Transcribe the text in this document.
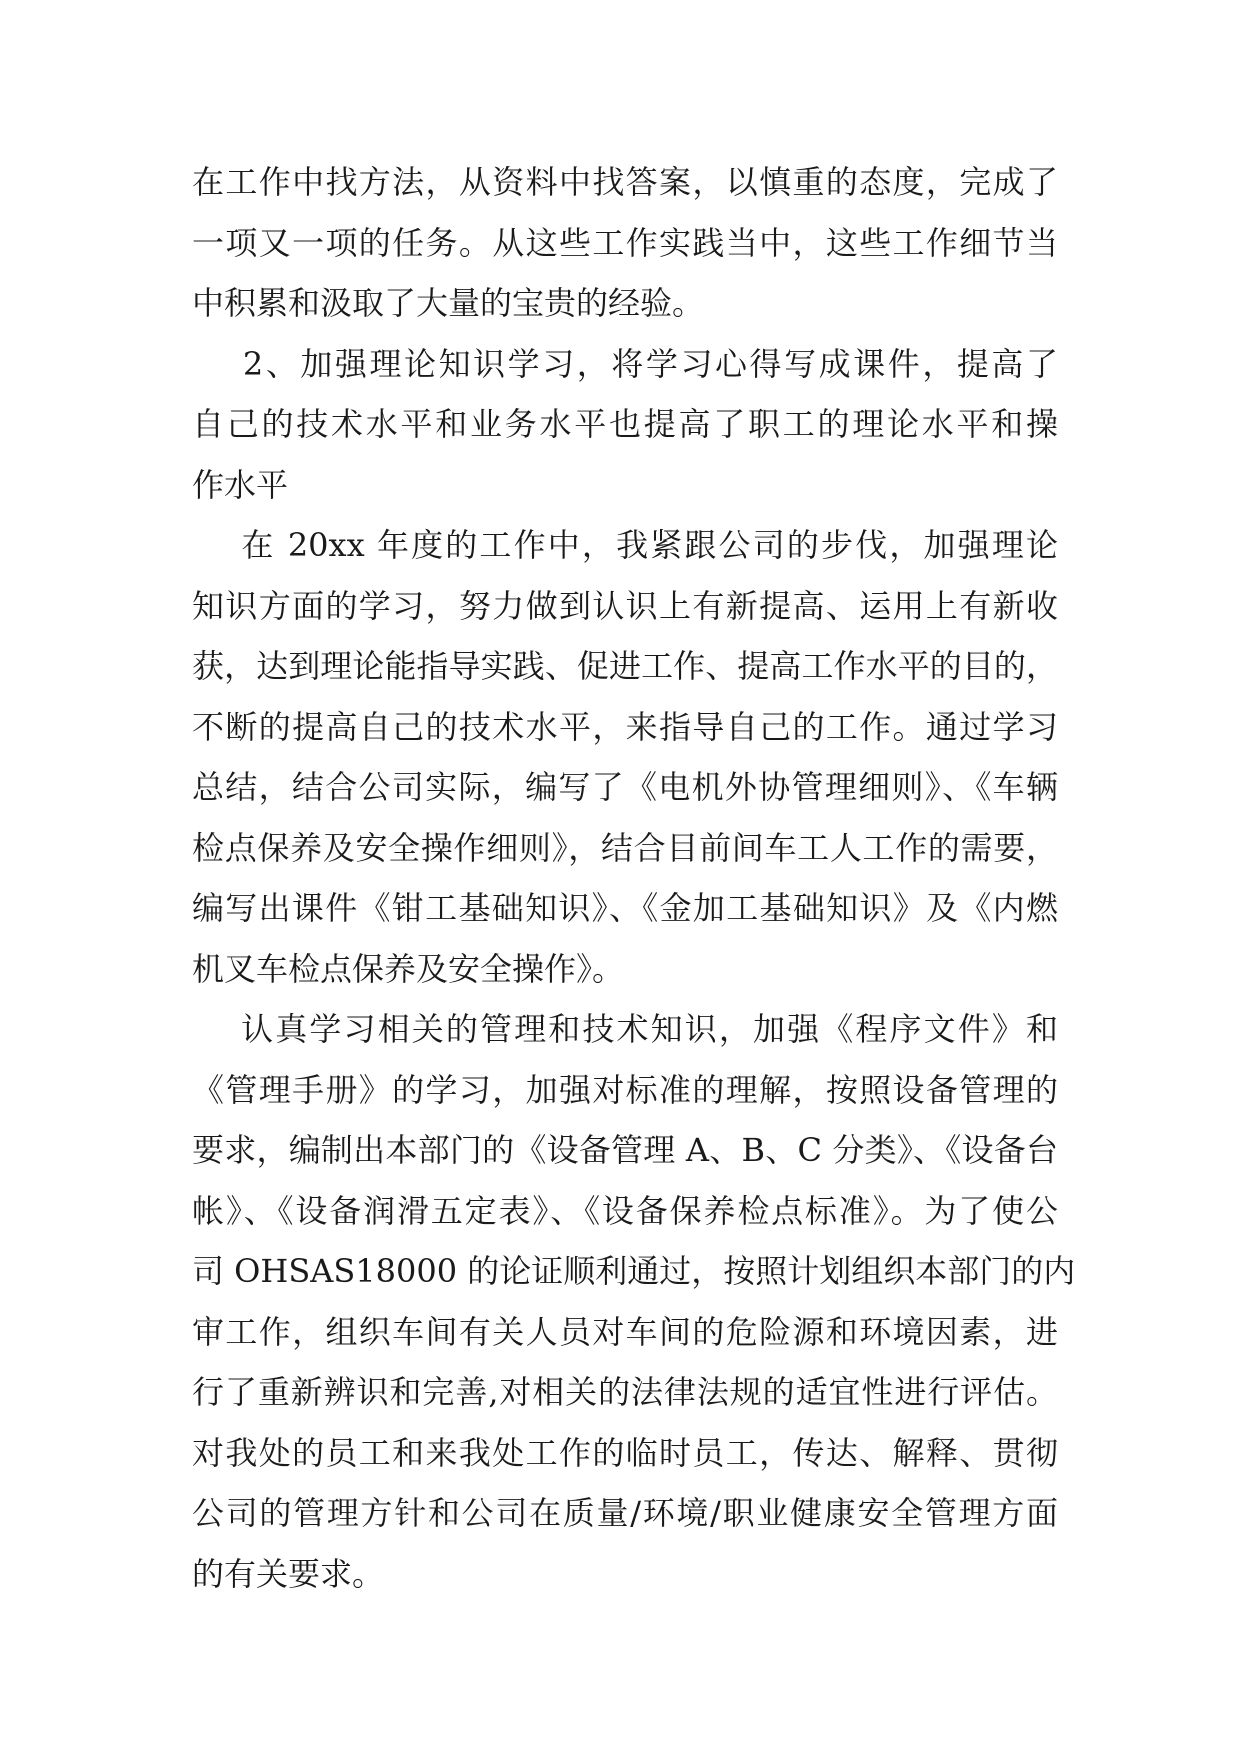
在工作中找方法，从资料中找答案，以慎重的态度，完成了
一项又一项的任务。从这些工作实践当中，这些工作细节当
中积累和汲取了大量的宝贵的经验。
2、加强理论知识学习，将学习心得写成课件，提高了
自己的技术水平和业务水平也提高了职工的理论水平和操
作水平
在 20xx 年度的工作中，我紧跟公司的步伐，加强理论
知识方面的学习，努力做到认识上有新提高、运用上有新收
获，达到理论能指导实践、促进工作、提高工作水平的目的，
不断的提高自己的技术水平，来指导自己的工作。通过学习
总结，结合公司实际，编写了《电机外协管理细则》、《车辆
检点保养及安全操作细则》，结合目前间车工人工作的需要，
编写出课件《钳工基础知识》、《金加工基础知识》及《内燃
机叉车检点保养及安全操作》。
认真学习相关的管理和技术知识，加强《程序文件》和
《管理手册》的学习，加强对标准的理解，按照设备管理的
要求，编制出本部门的《设备管理 A、B、C 分类》、《设备台
帐》、《设备润滑五定表》、《设备保养检点标准》。为了使公
司 OHSAS18000 的论证顺利通过，按照计划组织本部门的内
审工作，组织车间有关人员对车间的危险源和环境因素，进
行了重新辨识和完善,对相关的法律法规的适宜性进行评估。
对我处的员工和来我处工作的临时员工，传达、解释、贯彻
公司的管理方针和公司在质量/环境/职业健康安全管理方面
的有关要求。
